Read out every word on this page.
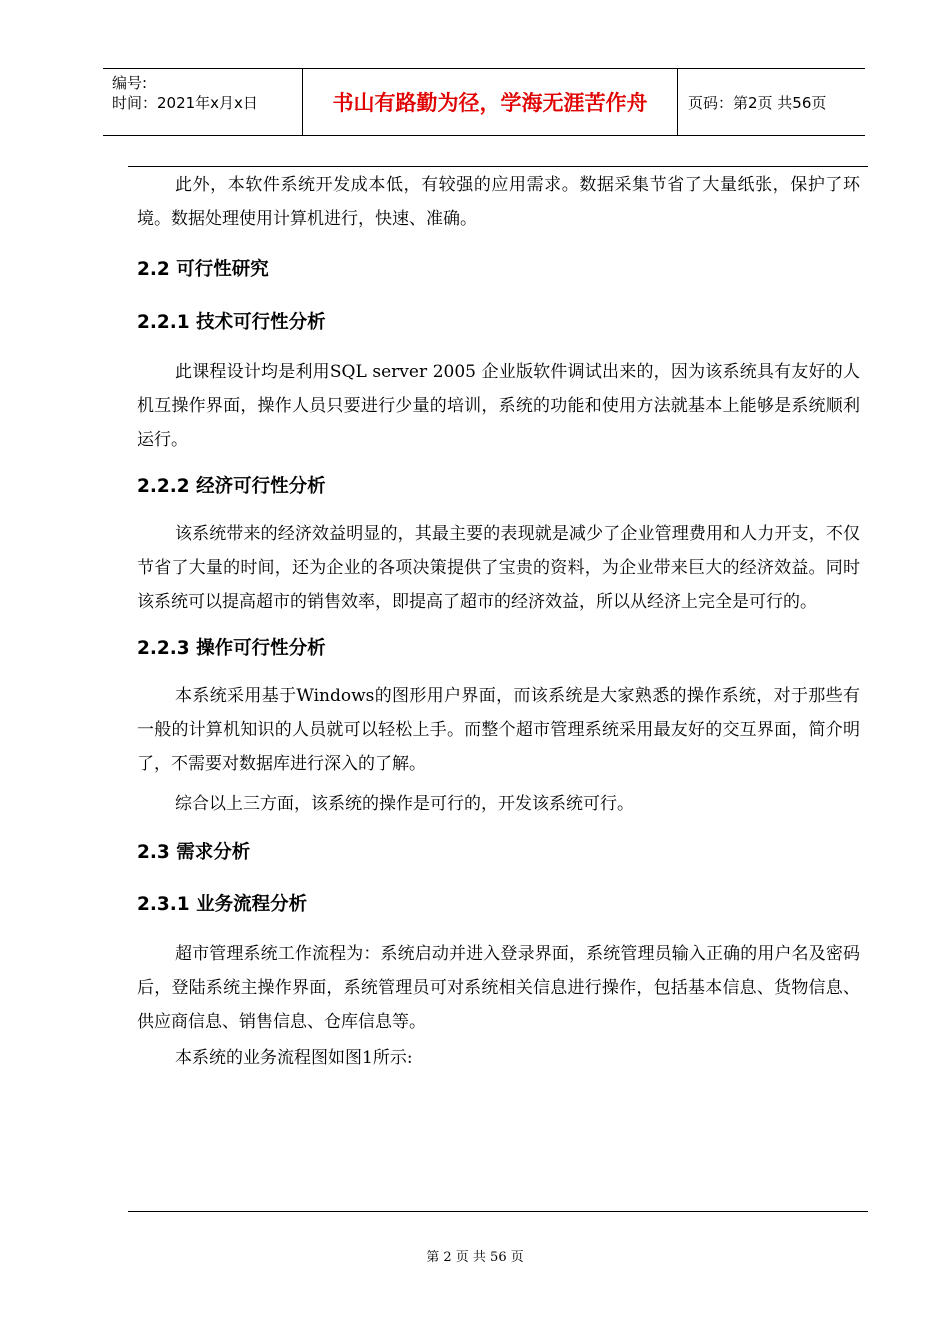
编号:
时间：2021年x月x日	书山有路勤为径，学海无涯苦作舟	页码：第2页 共56页

此外，本软件系统开发成本低，有较强的应用需求。数据采集节省了大量纸张，保护了环境。数据处理使用计算机进行，快速、准确。

2.2 可行性研究

2.2.1 技术可行性分析

此课程设计均是利用SQL server 2005 企业版软件调试出来的，因为该系统具有友好的人机互操作界面，操作人员只要进行少量的培训，系统的功能和使用方法就基本上能够是系统顺利运行。

2.2.2 经济可行性分析

该系统带来的经济效益明显的，其最主要的表现就是减少了企业管理费用和人力开支，不仅节省了大量的时间，还为企业的各项决策提供了宝贵的资料，为企业带来巨大的经济效益。同时该系统可以提高超市的销售效率，即提高了超市的经济效益，所以从经济上完全是可行的。

2.2.3 操作可行性分析

本系统采用基于Windows的图形用户界面，而该系统是大家熟悉的操作系统，对于那些有一般的计算机知识的人员就可以轻松上手。而整个超市管理系统采用最友好的交互界面，简介明了，不需要对数据库进行深入的了解。

综合以上三方面，该系统的操作是可行的，开发该系统可行。

2.3 需求分析

2.3.1 业务流程分析

超市管理系统工作流程为：系统启动并进入登录界面，系统管理员输入正确的用户名及密码后，登陆系统主操作界面，系统管理员可对系统相关信息进行操作，包括基本信息、货物信息、供应商信息、销售信息、仓库信息等。

本系统的业务流程图如图1所示:

第 2 页 共 56 页
